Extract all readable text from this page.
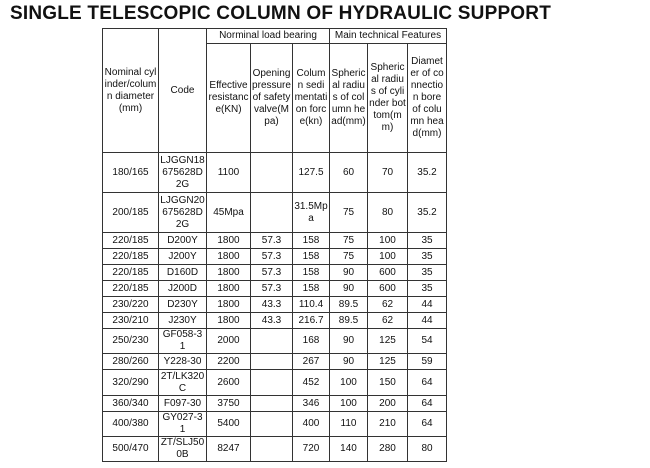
SINGLE TELESCOPIC COLUMN OF HYDRAULIC SUPPORT
Nominal cylinder/column diameter(mm)	Code	Norminal load bearing			Main technical Features		
		Effective resistance(KN)	Opening pressure of safety valve(Mpa)	Column sedimentation force(kn)	Spherical radius of column head(mm)	Spherical radius of cylinder bottom(mm)	Diameter of connection bore of column head(mm)
180/165	LJGGN18675628D2G	1100		127.5	60	70	35.2
200/185	LJGGN20675628D2G	45Mpa		31.5Mpa	75	80	35.2
220/185	D200Y	1800	57.3	158	75	100	35
220/185	J200Y	1800	57.3	158	75	100	35
220/185	D160D	1800	57.3	158	90	600	35
220/185	J200D	1800	57.3	158	90	600	35
230/220	D230Y	1800	43.3	110.4	89.5	62	44
230/210	J230Y	1800	43.3	216.7	89.5	62	44
250/230	GF058-31	2000		168	90	125	54
280/260	Y228-30	2200		267	90	125	59
320/290	2T/LK320C	2600		452	100	150	64
360/340	F097-30	3750		346	100	200	64
400/380	GY027-31	5400		400	110	210	64
500/470	ZT/SLJ500B	8247		720	140	280	80
